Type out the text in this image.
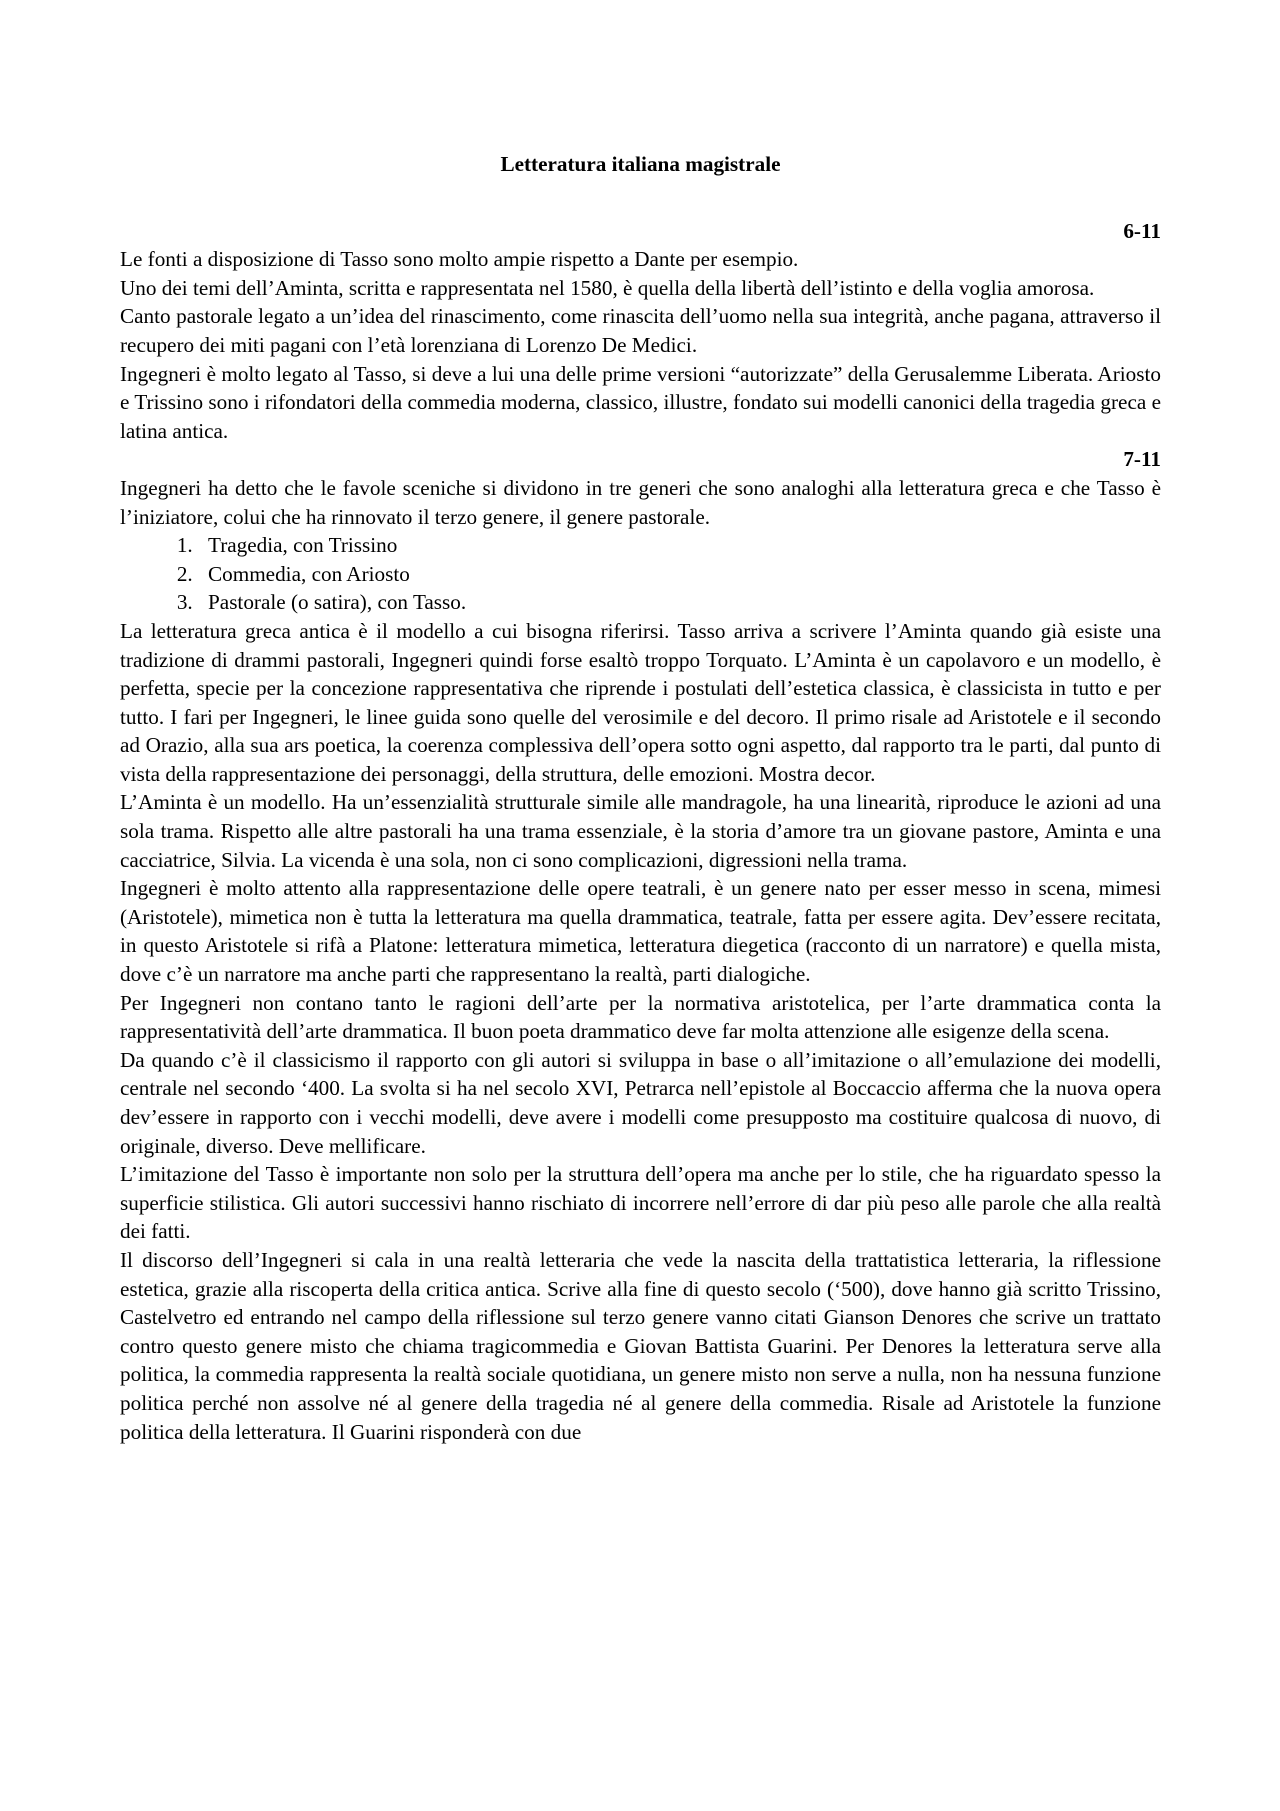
Letteratura italiana magistrale
6-11

Le fonti a disposizione di Tasso sono molto ampie rispetto a Dante per esempio.

Uno dei temi dell’Aminta, scritta e rappresentata nel 1580, è quella della libertà dell’istinto e della voglia amorosa.

Canto pastorale legato a un’idea del rinascimento, come rinascita dell’uomo nella sua integrità, anche pagana, attraverso il recupero dei miti pagani con l’età lorenziana di Lorenzo De Medici.

Ingegneri è molto legato al Tasso, si deve a lui una delle prime versioni “autorizzate” della Gerusalemme Liberata. Ariosto e Trissino sono i rifondatori della commedia moderna, classico, illustre, fondato sui modelli canonici della tragedia greca e latina antica.

7-11

Ingegneri ha detto che le favole sceniche si dividono in tre generi che sono analoghi alla letteratura greca e che Tasso è l’iniziatore, colui che ha rinnovato il terzo genere, il genere pastorale.

1. Tragedia, con Trissino
2. Commedia, con Ariosto
3. Pastorale (o satira), con Tasso.

La letteratura greca antica è il modello a cui bisogna riferirsi. Tasso arriva a scrivere l’Aminta quando già esiste una tradizione di drammi pastorali, Ingegneri quindi forse esaltò troppo Torquato. L’Aminta è un capolavoro e un modello, è perfetta, specie per la concezione rappresentativa che riprende i postulati dell’estetica classica, è classicista in tutto e per tutto. I fari per Ingegneri, le linee guida sono quelle del verosimile e del decoro. Il primo risale ad Aristotele e il secondo ad Orazio, alla sua ars poetica, la coerenza complessiva dell’opera sotto ogni aspetto, dal rapporto tra le parti, dal punto di vista della rappresentazione dei personaggi, della struttura, delle emozioni. Mostra decor.

L’Aminta è un modello. Ha un’essenzialità strutturale simile alle mandragole, ha una linearità, riproduce le azioni ad una sola trama. Rispetto alle altre pastorali ha una trama essenziale, è la storia d’amore tra un giovane pastore, Aminta e una cacciatrice, Silvia. La vicenda è una sola, non ci sono complicazioni, digressioni nella trama.

Ingegneri è molto attento alla rappresentazione delle opere teatrali, è un genere nato per esser messo in scena, mimesi (Aristotele), mimetica non è tutta la letteratura ma quella drammatica, teatrale, fatta per essere agita. Dev’essere recitata, in questo Aristotele si rifà a Platone: letteratura mimetica, letteratura diegetica (racconto di un narratore) e quella mista, dove c’è un narratore ma anche parti che rappresentano la realtà, parti dialogiche.

Per Ingegneri non contano tanto le ragioni dell’arte per la normativa aristotelica, per l’arte drammatica conta la rappresentatività dell’arte drammatica. Il buon poeta drammatico deve far molta attenzione alle esigenze della scena.

Da quando c’è il classicismo il rapporto con gli autori si sviluppa in base o all’imitazione o all’emulazione dei modelli, centrale nel secondo ‘400. La svolta si ha nel secolo XVI, Petrarca nell’epistole al Boccaccio afferma che la nuova opera dev’essere in rapporto con i vecchi modelli, deve avere i modelli come presupposto ma costituire qualcosa di nuovo, di originale, diverso. Deve mellificare.

L’imitazione del Tasso è importante non solo per la struttura dell’opera ma anche per lo stile, che ha riguardato spesso la superficie stilistica. Gli autori successivi hanno rischiato di incorrere nell’errore di dar più peso alle parole che alla realtà dei fatti.

Il discorso dell’Ingegneri si cala in una realtà letteraria che vede la nascita della trattatistica letteraria, la riflessione estetica, grazie alla riscoperta della critica antica. Scrive alla fine di questo secolo (‘500), dove hanno già scritto Trissino, Castelvetro ed entrando nel campo della riflessione sul terzo genere vanno citati Gianson Denores che scrive un trattato contro questo genere misto che chiama tragicommedia e Giovan Battista Guarini. Per Denores la letteratura serve alla politica, la commedia rappresenta la realtà sociale quotidiana, un genere misto non serve a nulla, non ha nessuna funzione politica perché non assolve né al genere della tragedia né al genere della commedia. Risale ad Aristotele la funzione politica della letteratura. Il Guarini risponderà con due
